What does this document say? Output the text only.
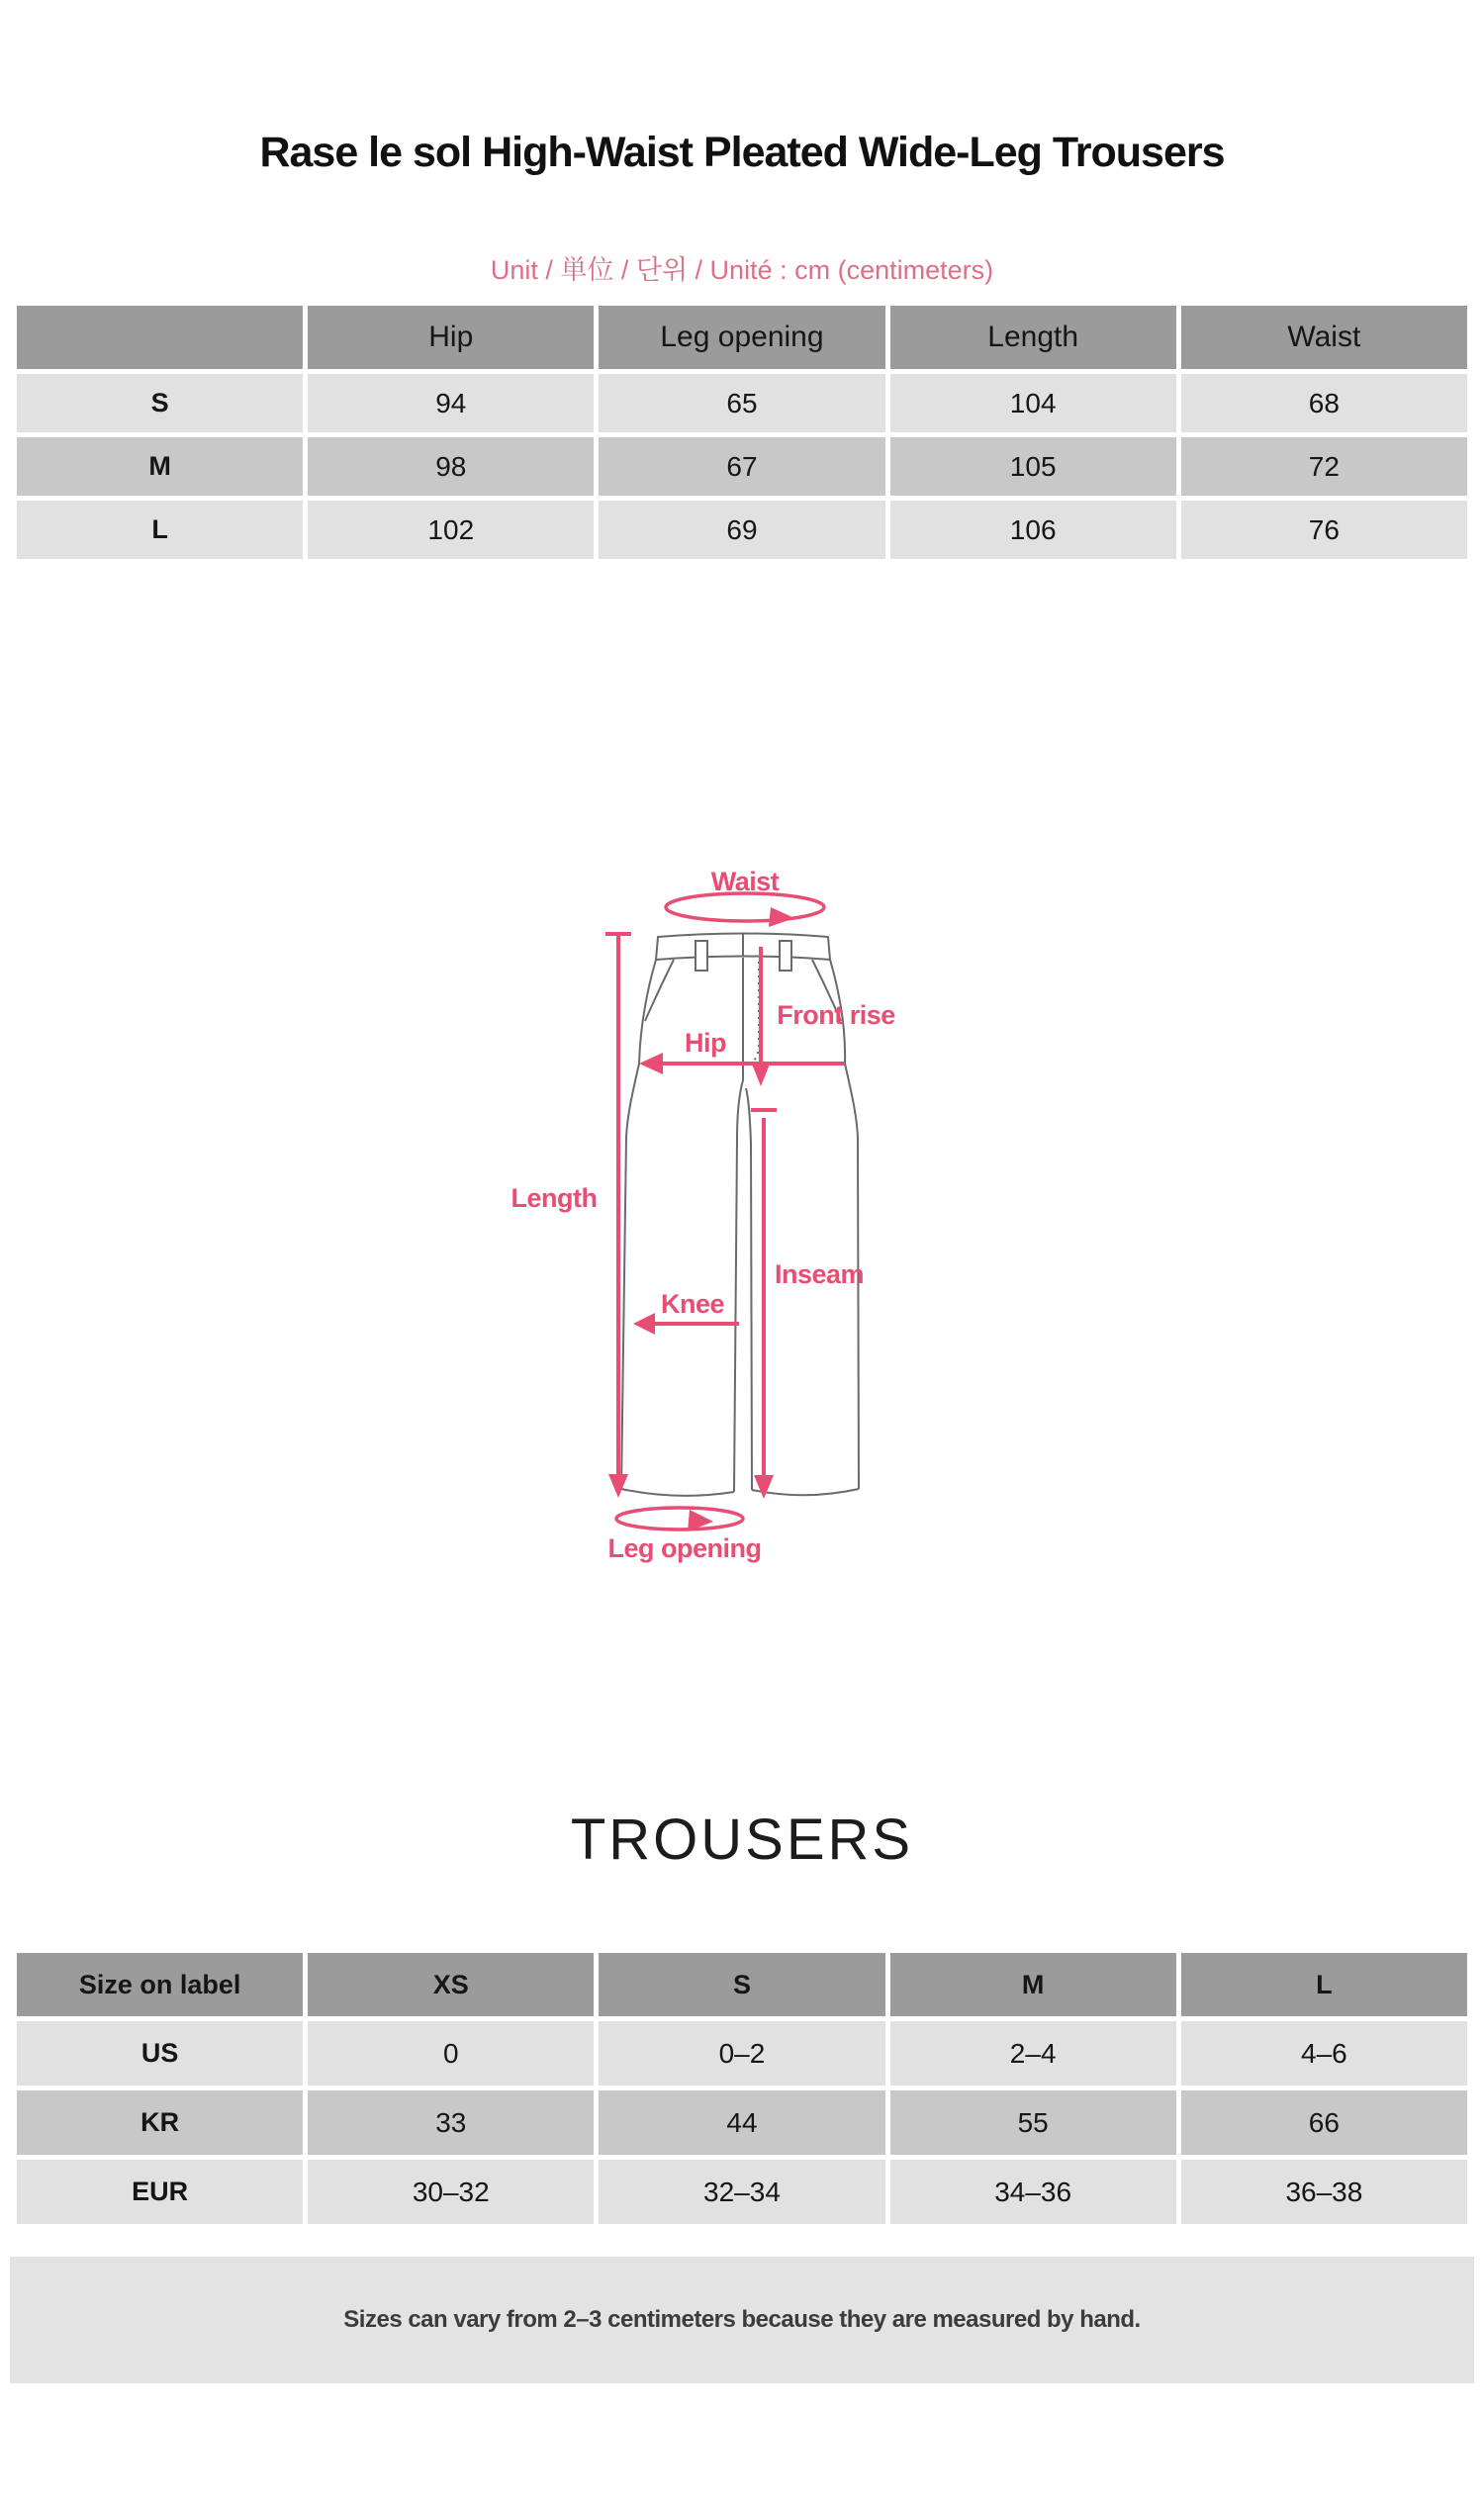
Rase le sol High-Waist Pleated Wide-Leg Trousers
Unit / 単位 / 단위 / Unité : cm (centimeters)
	Hip	Leg opening	Length	Waist
S	94	65	104	68
M	98	67	105	72
L	102	69	106	76
Waist
Length
Hip
Front rise
Knee
Inseam
Leg opening
TROUSERS
Size on label	XS	S	M	L
US	0	0–2	2–4	4–6
KR	33	44	55	66
EUR	30–32	32–34	34–36	36–38
Sizes can vary from 2–3 centimeters because they are measured by hand.
